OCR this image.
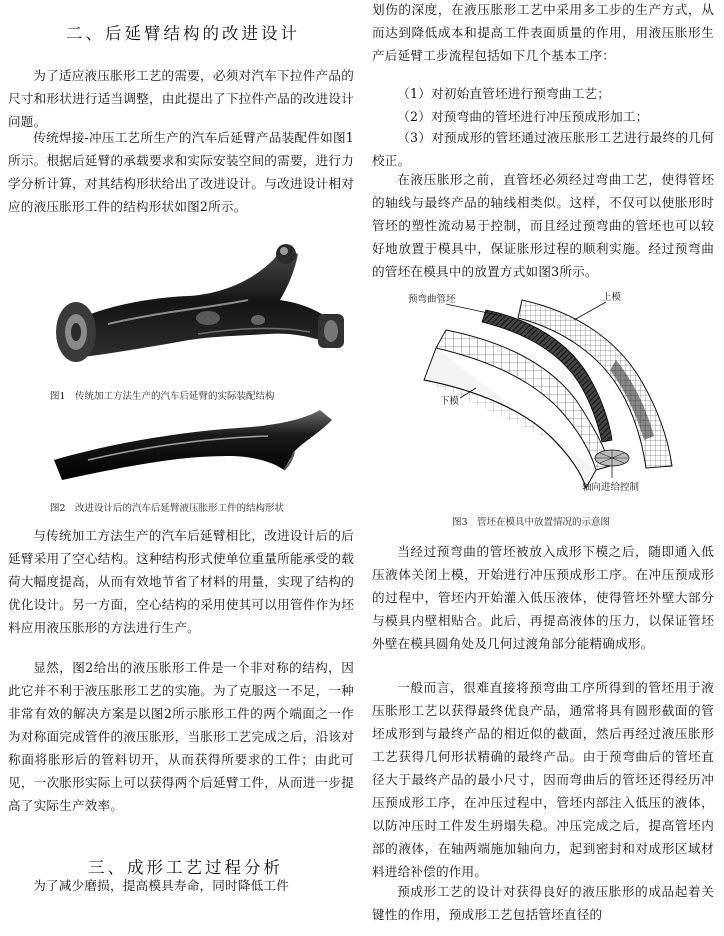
二、后延臂结构的改进设计

为了适应液压胀形工艺的需要，必须对汽车下拉件产品的尺寸和形状进行适当调整，由此提出了下拉件产品的改进设计问题。

传统焊接-冲压工艺所生产的汽车后延臂产品装配件如图1所示。根据后延臂的承载要求和实际安装空间的需要，进行力学分析计算，对其结构形状给出了改进设计。与改进设计相对应的液压胀形工件的结构形状如图2所示。

图1　传统加工方法生产的汽车后延臂的实际装配结构
图2　改进设计后的汽车后延臂液压胀形工件的结构形状

与传统加工方法生产的汽车后延臂相比，改进设计后的后延臂采用了空心结构。这种结构形式使单位重量所能承受的载荷大幅度提高，从而有效地节省了材料的用量，实现了结构的优化设计。另一方面，空心结构的采用使其可以用管件作为坯料应用液压胀形的方法进行生产。

显然，图2给出的液压胀形工件是一个非对称的结构，因此它并不利于液压胀形工艺的实施。为了克服这一不足，一种非常有效的解决方案是以图2所示胀形工件的两个端面之一作为对称面完成管件的液压胀形，当胀形工艺完成之后，沿该对称面将胀形后的管料切开，从而获得所要求的工件；由此可见，一次胀形实际上可以获得两个后延臂工件，从而进一步提高了实际生产效率。

三、成形工艺过程分析

为了减少磨损，提高模具寿命，同时降低工件

划伤的深度，在液压胀形工艺中采用多工步的生产方式，从而达到降低成本和提高工件表面质量的作用，用液压胀形生产后延臂工步流程包括如下几个基本工序：

（1）对初始直管坯进行预弯曲工艺；

（2）对预弯曲的管坯进行冲压预成形加工；

（3）对预成形的管坯通过液压胀形工艺进行最终的几何校正。

在液压胀形之前，直管坯必须经过弯曲工艺，使得管坯的轴线与最终产品的轴线相类似。这样，不仅可以使胀形时管坯的塑性流动易于控制，而且经过预弯曲的管坯也可以较好地放置于模具中，保证胀形过程的顺利实施。经过预弯曲的管坯在模具中的放置方式如图3所示。

预弯曲管坯	上模
下模
轴向进给控制
图3　管坯在模具中放置情况的示意图

当经过预弯曲的管坯被放入成形下模之后，随即通入低压液体关闭上模，开始进行冲压预成形工序。在冲压预成形的过程中，管坯内开始灌入低压液体，使得管坯外壁大部分与模具内壁相贴合。此后，再提高液体的压力，以保证管坯外壁在模具圆角处及几何过渡角部分能精确成形。

一般而言，很难直接将预弯曲工序所得到的管坯用于液压胀形工艺以获得最终优良产品，通常将具有圆形截面的管坯成形到与最终产品的相近似的截面，然后再经过液压胀形工艺获得几何形状精确的最终产品。由于预弯曲后的管坯直径大于最终产品的最小尺寸，因而弯曲后的管坯还得经历冲压预成形工序，在冲压过程中，管坯内部注入低压的液体，以防冲压时工件发生坍塌失稳。冲压完成之后，提高管坯内部的液体，在轴两端施加轴向力，起到密封和对成形区域材料进给补偿的作用。

预成形工艺的设计对获得良好的液压胀形的成品起着关键性的作用，预成形工艺包括管坯直径的
